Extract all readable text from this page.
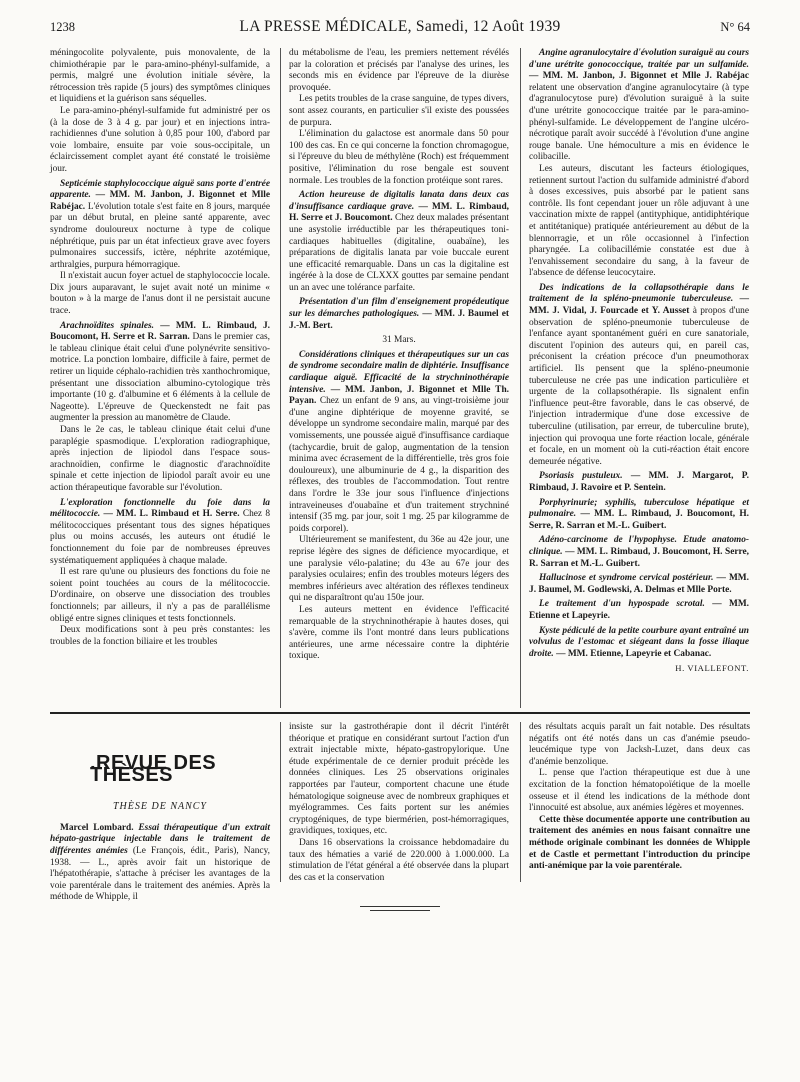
1238	LA PRESSE MÉDICALE, Samedi, 12 Août 1939	N° 64

méningocolite polyvalente, puis monovalente, de la chimiothérapie par le para-amino-phényl-sulfamide, a permis, malgré une évolution initiale sévère, la rétrocession très rapide (5 jours) des symptômes cliniques et liquidiens et la guérison sans séquelles.

Le para-amino-phényl-sulfamide fut administré per os (à la dose de 3 à 4 g. par jour) et en injections intra-rachidiennes d'une solution à 0,85 pour 100, d'abord par voie lombaire, ensuite par voie sous-occipitale, un éclaircissement complet ayant été constaté le troisième jour.

Septicémie staphylococcique aiguë sans porte d'entrée apparente. — MM. M. Janbon, J. Bigonnet et Mlle Rabéjac. L'évolution totale s'est faite en 8 jours, marquée par un début brutal, en pleine santé apparente, avec syndrome douloureux nocturne à type de colique néphrétique, puis par un état infectieux grave avec foyers pulmonaires successifs, ictère, néphrite azotémique, arthralgies, purpura hémorragique.

Il n'existait aucun foyer actuel de staphylococcie locale. Dix jours auparavant, le sujet avait noté un minime « bouton » à la marge de l'anus dont il ne persistait aucune trace.

Arachnoïdites spinales. — MM. L. Rimbaud, J. Boucomont, H. Serre et R. Sarran. Dans le premier cas, le tableau clinique était celui d'une polynévrite sensitivo-motrice. La ponction lombaire, difficile à faire, permet de retirer un liquide céphalo-rachidien très xanthochromique, présentant une dissociation albumino-cytologique très importante (10 g. d'albumine et 6 éléments à la cellule de Nageotte). L'épreuve de Queckenstedt ne fait pas augmenter la pression au manomètre de Claude.

Dans le 2e cas, le tableau clinique était celui d'une paraplégie spasmodique. L'exploration radiographique, après injection de lipiodol dans l'espace sous-arachnoïdien, confirme le diagnostic d'arachnoïdite spinale et cette injection de lipiodol paraît avoir eu une action thérapeutique favorable sur l'évolution.

L'exploration fonctionnelle du foie dans la mélitococcie. — MM. L. Rimbaud et H. Serre. Chez 8 mélitococciques présentant tous des signes hépatiques plus ou moins accusés, les auteurs ont étudié le fonctionnement du foie par de nombreuses épreuves systématiquement appliquées à chaque malade.

Il est rare qu'une ou plusieurs des fonctions du foie ne soient point touchées au cours de la mélitococcie. D'ordinaire, on observe une dissociation des troubles fonctionnels; par ailleurs, il n'y a pas de parallélisme obligé entre signes cliniques et tests fonctionnels.

Deux modifications sont à peu près constantes: les troubles de la fonction biliaire et les troubles

du métabolisme de l'eau, les premiers nettement révélés par la coloration et précisés par l'analyse des urines, les seconds mis en évidence par l'épreuve de la diurèse provoquée.

Les petits troubles de la crase sanguine, de types divers, sont assez courants, en particulier s'il existe des poussées de purpura.

L'élimination du galactose est anormale dans 50 pour 100 des cas. En ce qui concerne la fonction chromagogue, si l'épreuve du bleu de méthylène (Roch) est fréquemment positive, l'élimination du rose bengale est souvent normale. Les troubles de la fonction protéique sont rares.

Action heureuse de digitalis lanata dans deux cas d'insuffisance cardiaque grave. — MM. L. Rimbaud, H. Serre et J. Boucomont. Chez deux malades présentant une asystolie irréductible par les thérapeutiques toni-cardiaques habituelles (digitaline, ouabaïne), les préparations de digitalis lanata par voie buccale eurent une efficacité remarquable. Dans un cas la digitaline est ingérée à la dose de CLXXX gouttes par semaine pendant un an avec une tolérance parfaite.

Présentation d'un film d'enseignement propédeutique sur les démarches pathologiques. — MM. J. Baumel et J.-M. Bert.

31 Mars.

Considérations cliniques et thérapeutiques sur un cas de syndrome secondaire malin de diphtérie. Insuffisance cardiaque aiguë. Efficacité de la strychninothérapie intensive. — MM. Janbon, J. Bigonnet et Mlle Th. Payan. Chez un enfant de 9 ans, au vingt-troisième jour d'une angine diphtérique de moyenne gravité, se développe un syndrome secondaire malin, marqué par des vomissements, une poussée aiguë d'insuffisance cardiaque (tachycardie, bruit de galop, augmentation de la tension minima avec écrasement de la différentielle, très gros foie douloureux), une albuminurie de 4 g., la disparition des réflexes, des troubles de l'accommodation. Tout rentre dans l'ordre le 33e jour sous l'influence d'injections intraveineuses d'ouabaïne et d'un traitement strychniné intensif (35 mg. par jour, soit 1 mg. 25 par kilogramme de poids corporel).

Ultérieurement se manifestent, du 36e au 42e jour, une reprise légère des signes de déficience myocardique, et une paralysie vélo-palatine; du 43e au 67e jour des paralysies oculaires; enfin des troubles moteurs légers des membres inférieurs avec altération des réflexes tendineux qui ne disparaîtront qu'au 150e jour.

Les auteurs mettent en évidence l'efficacité remarquable de la strychninothérapie à hautes doses, qui s'avère, comme ils l'ont montré dans leurs publications antérieures, une arme nécessaire contre la diphtérie toxique.

Angine agranulocytaire d'évolution suraiguë au cours d'une urétrite gonococcique, traitée par un sulfamide. — MM. M. Janbon, J. Bigonnet et Mlle J. Rabéjac relatent une observation d'angine agranulocytaire (à type d'agranulocytose pure) d'évolution suraiguë à la suite d'une urétrite gonococcique traitée par le para-amino-phényl-sulfamide. Le développement de l'angine ulcéro-nécrotique paraît avoir succédé à l'évolution d'une angine rouge banale. Une hémoculture a mis en évidence le colibacille.

Les auteurs, discutant les facteurs étiologiques, retiennent surtout l'action du sulfamide administré d'abord à doses excessives, puis absorbé par le patient sans contrôle. Ils font cependant jouer un rôle adjuvant à une vaccination mixte de rappel (antityphique, antidiphtérique et antitétanique) pratiquée antérieurement au début de la blennorragie, et un rôle occasionnel à l'infection pharyngée. La colibacillémie constatée est due à l'envahissement secondaire du sang, à la faveur de l'absence de défense leucocytaire.

Des indications de la collapsothérapie dans le traitement de la spléno-pneumonie tuberculeuse. — MM. J. Vidal, J. Fourcade et Y. Ausset à propos d'une observation de spléno-pneumonie tuberculeuse de l'enfance ayant spontanément guéri en cure sanatoriale, discutent l'opinion des auteurs qui, en pareil cas, préconisent la création précoce d'un pneumothorax artificiel. Ils pensent que la spléno-pneumonie tuberculeuse ne crée pas une indication particulière et urgente de la collapsothérapie. Ils signalent enfin l'influence peut-être favorable, dans le cas observé, de l'injection intradermique d'une dose excessive de tuberculine (utilisation, par erreur, de tuberculine brute), injection qui provoqua une forte réaction locale, générale et focale, en un moment où la cuti-réaction était encore demeurée négative.

Psoriasis pustuleux. — MM. J. Margarot, P. Rimbaud, J. Ravoire et P. Sentein.

Porphyrinurie; syphilis, tuberculose hépatique et pulmonaire. — MM. L. Rimbaud, J. Boucomont, H. Serre, R. Sarran et M.-L. Guibert.

Adéno-carcinome de l'hypophyse. Etude anatomo-clinique. — MM. L. Rimbaud, J. Boucomont, H. Serre, R. Sarran et M.-L. Guibert.

Hallucinose et syndrome cervical postérieur. — MM. J. Baumel, M. Godlewski, A. Delmas et Mlle Porte.

Le traitement d'un hypospade scrotal. — MM. Etienne et Lapeyrie.

Kyste pédiculé de la petite courbure ayant entraîné un volvulus de l'estomac et siégeant dans la fosse iliaque droite. — MM. Etienne, Lapeyrie et Cabanac.

H. VIALLEFONT.

.REVUE DES THÈSES
THÈSE DE NANCY

Marcel Lombard. Essai thérapeutique d'un extrait hépato-gastrique injectable dans le traitement de différentes anémies (Le François, édit., Paris), Nancy, 1938. — L., après avoir fait un historique de l'hépatothérapie, s'attache à préciser les avantages de la voie parentérale dans le traitement des anémies. Après la méthode de Whipple, il

insiste sur la gastrothérapie dont il décrit l'intérêt théorique et pratique en considérant surtout l'action d'un extrait injectable mixte, hépato-gastropylorique. Une étude expérimentale de ce dernier produit précède les données cliniques. Les 25 observations originales rapportées par l'auteur, comportent chacune une étude hématologique soigneuse avec de nombreux graphiques et myélogrammes. Ces faits portent sur les anémies cryptogéniques, de type biermérien, post-hémorragiques, gravidiques, toxiques, etc.

Dans 16 observations la croissance hebdomadaire du taux des hématies a varié de 220.000 à 1.000.000. La stimulation de l'état général a été observée dans la plupart des cas et la conservation

des résultats acquis paraît un fait notable. Des résultats négatifs ont été notés dans un cas d'anémie pseudo-leucémique type von Jacksh-Luzet, dans deux cas d'anémie benzolique.

L. pense que l'action thérapeutique est due à une excitation de la fonction hématopoïétique de la moelle osseuse et il étend les indications de la méthode dont l'innocuité est absolue, aux anémies légères et moyennes.

Cette thèse documentée apporte une contribution au traitement des anémies en nous faisant connaître une méthode originale combinant les données de Whipple et de Castle et permettant l'introduction du principe anti-anémique par la voie parentérale.
